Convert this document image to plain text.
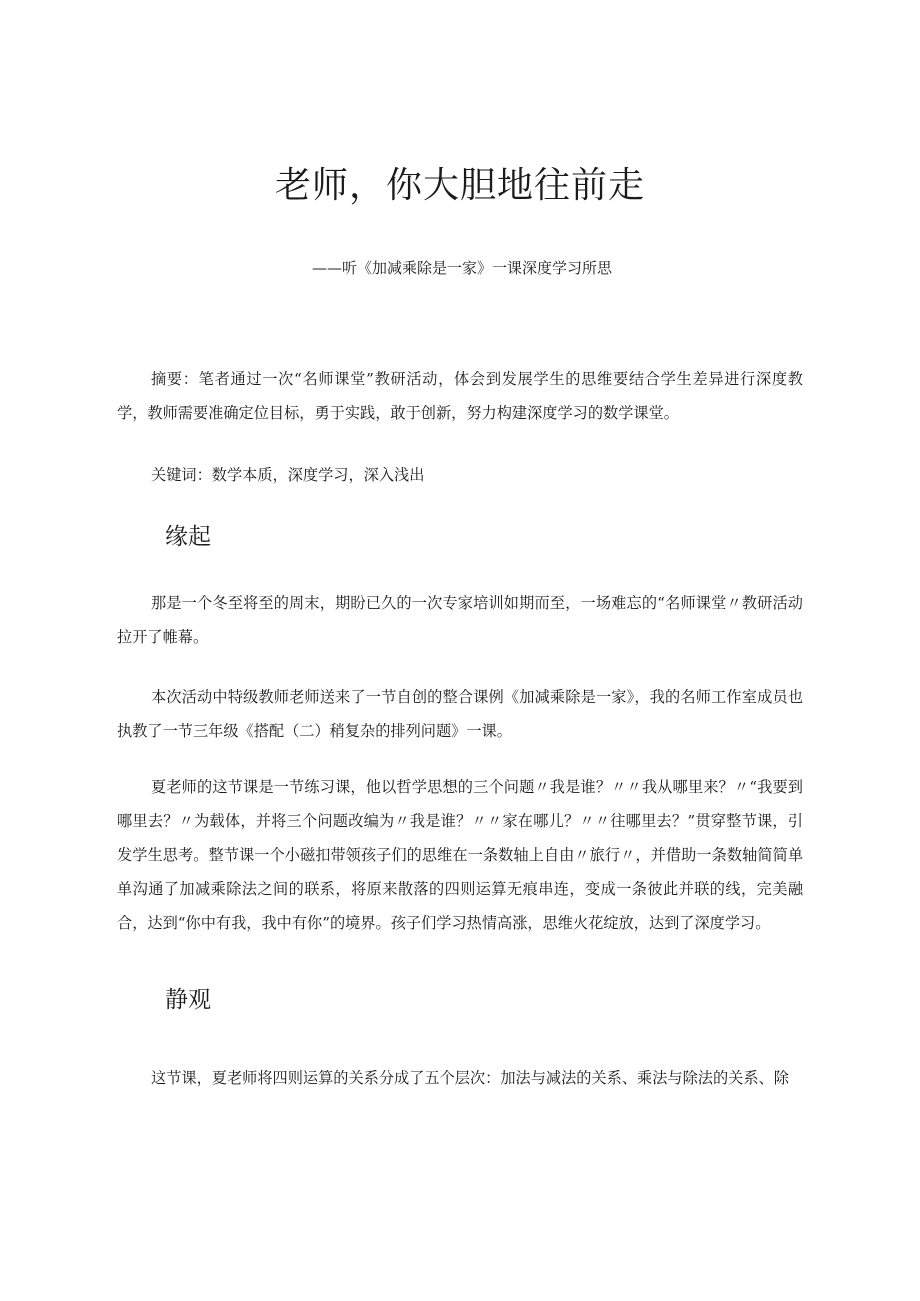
老师，你大胆地往前走

——听《加减乘除是一家》一课深度学习所思

摘要：笔者通过一次“名师课堂”教研活动，体会到发展学生的思维要结合学生差异进行深度教学，教师需要准确定位目标，勇于实践，敢于创新，努力构建深度学习的数学课堂。

关键词：数学本质，深度学习，深入浅出

缘起

那是一个冬至将至的周末，期盼已久的一次专家培训如期而至，一场难忘的“名师课堂〃教研活动拉开了帷幕。

本次活动中特级教师老师送来了一节自创的整合课例《加减乘除是一家》，我的名师工作室成员也执教了一节三年级《搭配（二）稍复杂的排列问题》一课。

夏老师的这节课是一节练习课，他以哲学思想的三个问题〃我是谁？〃〃我从哪里来？〃“我要到哪里去？〃为载体，并将三个问题改编为〃我是谁？〃〃家在哪儿？〃〃往哪里去？”贯穿整节课，引发学生思考。整节课一个小磁扣带领孩子们的思维在一条数轴上自由〃旅行〃，并借助一条数轴简简单单沟通了加减乘除法之间的联系，将原来散落的四则运算无痕串连，变成一条彼此并联的线，完美融合，达到“你中有我，我中有你”的境界。孩子们学习热情高涨，思维火花绽放，达到了深度学习。

静观

这节课，夏老师将四则运算的关系分成了五个层次：加法与减法的关系、乘法与除法的关系、除
